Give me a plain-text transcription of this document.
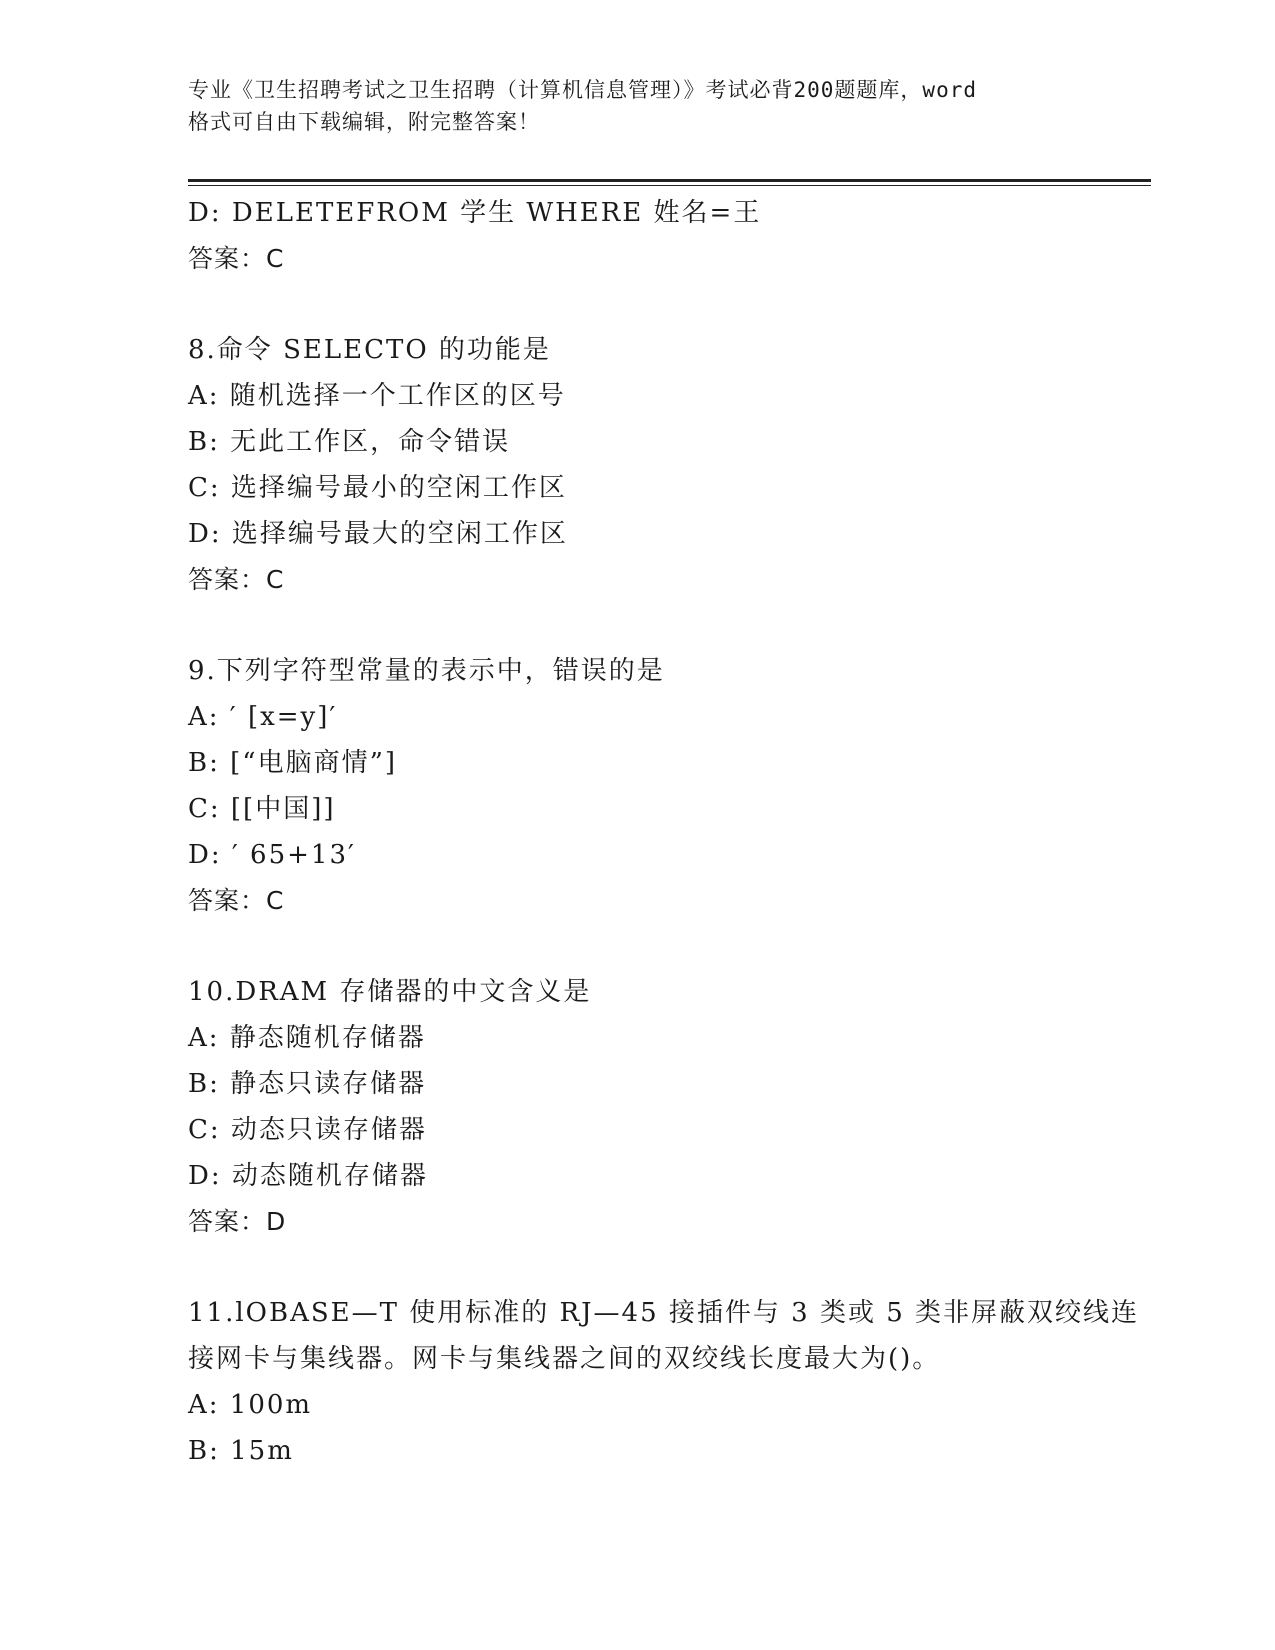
专业《卫生招聘考试之卫生招聘（计算机信息管理）》考试必背200题题库，word
格式可自由下载编辑，附完整答案！
D: DELETEFROM 学生 WHERE 姓名=王
答案：C
8.命令 SELECTO 的功能是
A: 随机选择一个工作区的区号
B: 无此工作区，命令错误
C: 选择编号最小的空闲工作区
D: 选择编号最大的空闲工作区
答案：C
9.下列字符型常量的表示中，错误的是
A: ′ [x=y]′
B: [“电脑商情”]
C: [[中国]]
D: ′ 65+13′
答案：C
10.DRAM 存储器的中文含义是
A: 静态随机存储器
B: 静态只读存储器
C: 动态只读存储器
D: 动态随机存储器
答案：D
11.lOBASE—T 使用标准的 RJ—45 接插件与 3 类或 5 类非屏蔽双绞线连
接网卡与集线器。网卡与集线器之间的双绞线长度最大为()。
A: 100m
B: 15m
